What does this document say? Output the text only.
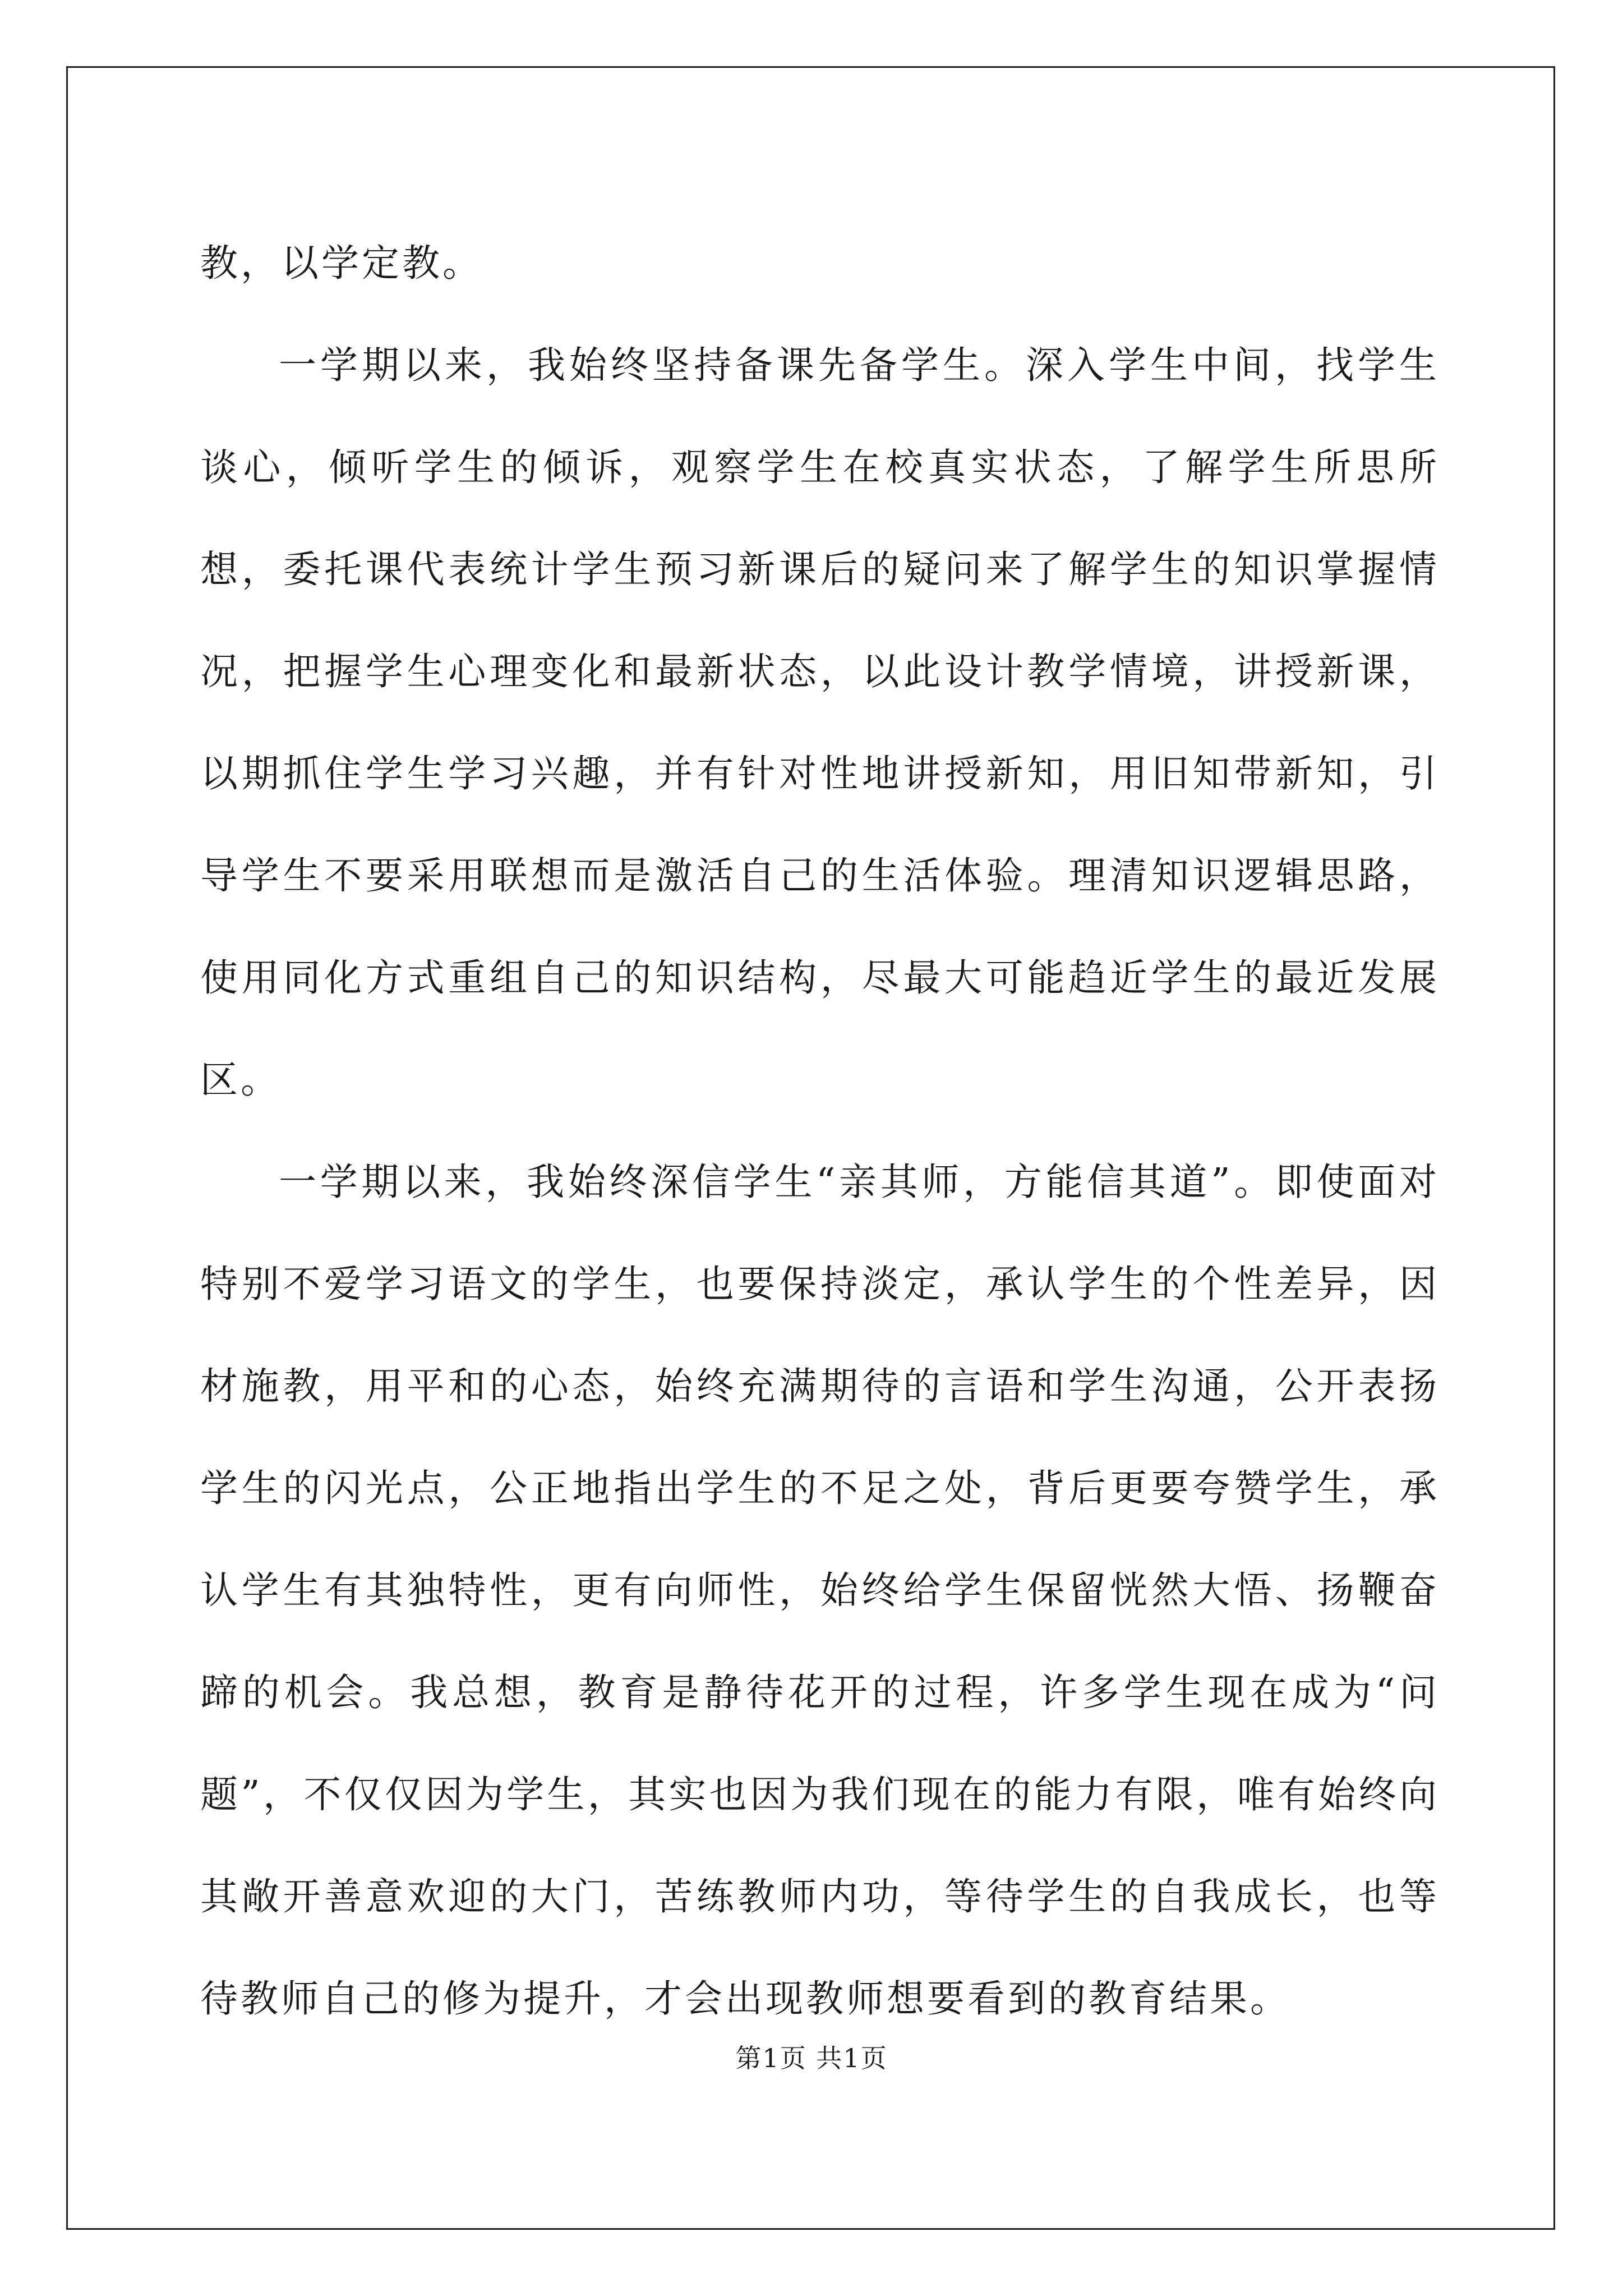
教，以学定教。

一学期以来，我始终坚持备课先备学生。深入学生中间，找学生谈心，倾听学生的倾诉，观察学生在校真实状态，了解学生所思所想，委托课代表统计学生预习新课后的疑问来了解学生的知识掌握情况，把握学生心理变化和最新状态，以此设计教学情境，讲授新课，以期抓住学生学习兴趣，并有针对性地讲授新知，用旧知带新知，引导学生不要采用联想而是激活自己的生活体验。理清知识逻辑思路，使用同化方式重组自己的知识结构，尽最大可能趋近学生的最近发展区。

一学期以来，我始终深信学生“亲其师，方能信其道”。即使面对特别不爱学习语文的学生，也要保持淡定，承认学生的个性差异，因材施教，用平和的心态，始终充满期待的言语和学生沟通，公开表扬学生的闪光点，公正地指出学生的不足之处，背后更要夸赞学生，承认学生有其独特性，更有向师性，始终给学生保留恍然大悟、扬鞭奋蹄的机会。我总想，教育是静待花开的过程，许多学生现在成为“问题”，不仅仅因为学生，其实也因为我们现在的能力有限，唯有始终向其敞开善意欢迎的大门，苦练教师内功，等待学生的自我成长，也等待教师自己的修为提升，才会出现教师想要看到的教育结果。

第1页 共1页
